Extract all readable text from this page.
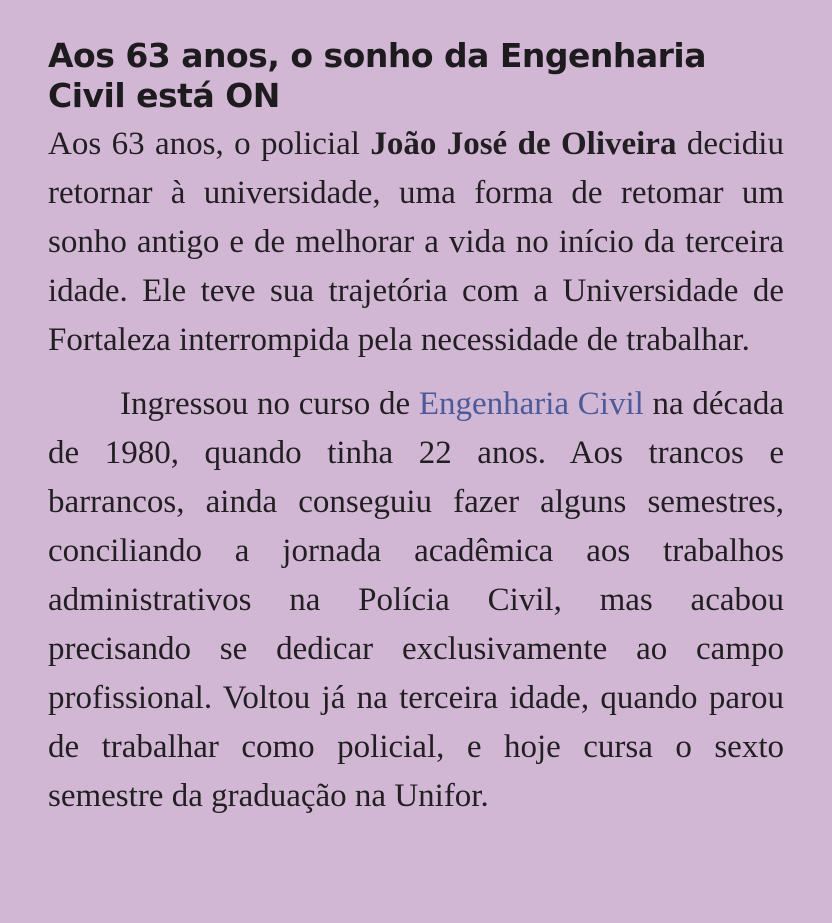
Aos 63 anos, o sonho da Engenharia Civil está ON

Aos 63 anos, o policial João José de Oliveira decidiu retornar à universidade, uma forma de retomar um sonho antigo e de melhorar a vida no início da terceira idade. Ele teve sua trajetória com a Universidade de Fortaleza interrompida pela necessidade de trabalhar.

Ingressou no curso de Engenharia Civil na década de 1980, quando tinha 22 anos. Aos trancos e barrancos, ainda conseguiu fazer alguns semestres, conciliando a jornada acadêmica aos trabalhos administrativos na Polícia Civil, mas acabou precisando se dedicar exclusivamente ao campo profissional. Voltou já na terceira idade, quando parou de trabalhar como policial, e hoje cursa o sexto semestre da graduação na Unifor.
